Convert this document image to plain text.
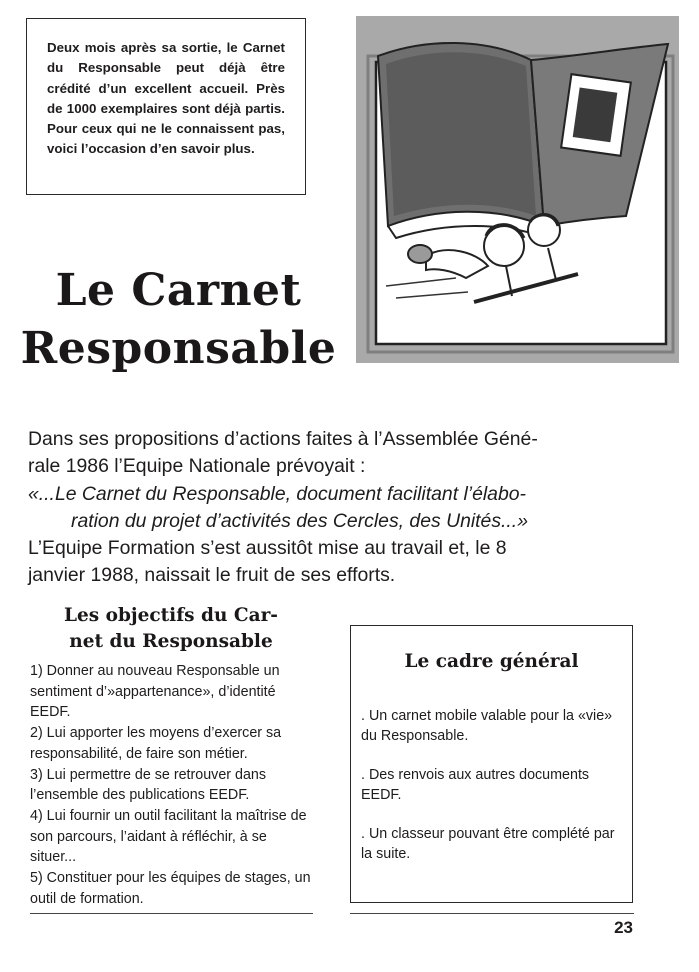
Deux mois après sa sortie, le Carnet du Responsable peut déjà être crédité d’un excellent accueil. Près de 1000 exemplaires sont déjà partis. Pour ceux qui ne le connaissent pas, voici l’occasion d’en savoir plus.

Le Carnet
Responsable
Dans ses propositions d’actions faites à l’Assemblée Géné-
rale 1986 l’Equipe Nationale prévoyait :
«...Le Carnet du Responsable, document facilitant l’élabo-
ration du projet d’activités des Cercles, des Unités...»
L’Equipe Formation s’est aussitôt mise au travail et, le 8
janvier 1988, naissait le fruit de ses efforts.
Les objectifs du Car-
net du Responsable
1) Donner au nouveau Responsable un sentiment d’»appartenance», d’identité EEDF.
2) Lui apporter les moyens d’exercer sa responsabilité, de faire son métier.
3) Lui permettre de se retrouver dans l’ensemble des publications EEDF.
4) Lui fournir un outil facilitant la maîtrise de son parcours, l’aidant à réfléchir, à se situer...
5) Constituer pour les équipes de stages, un outil de formation.
Le cadre général

. Un carnet mobile valable pour la «vie» du Responsable.

. Des renvois aux autres documents EEDF.

. Un classeur pouvant être complété par la suite.

23
